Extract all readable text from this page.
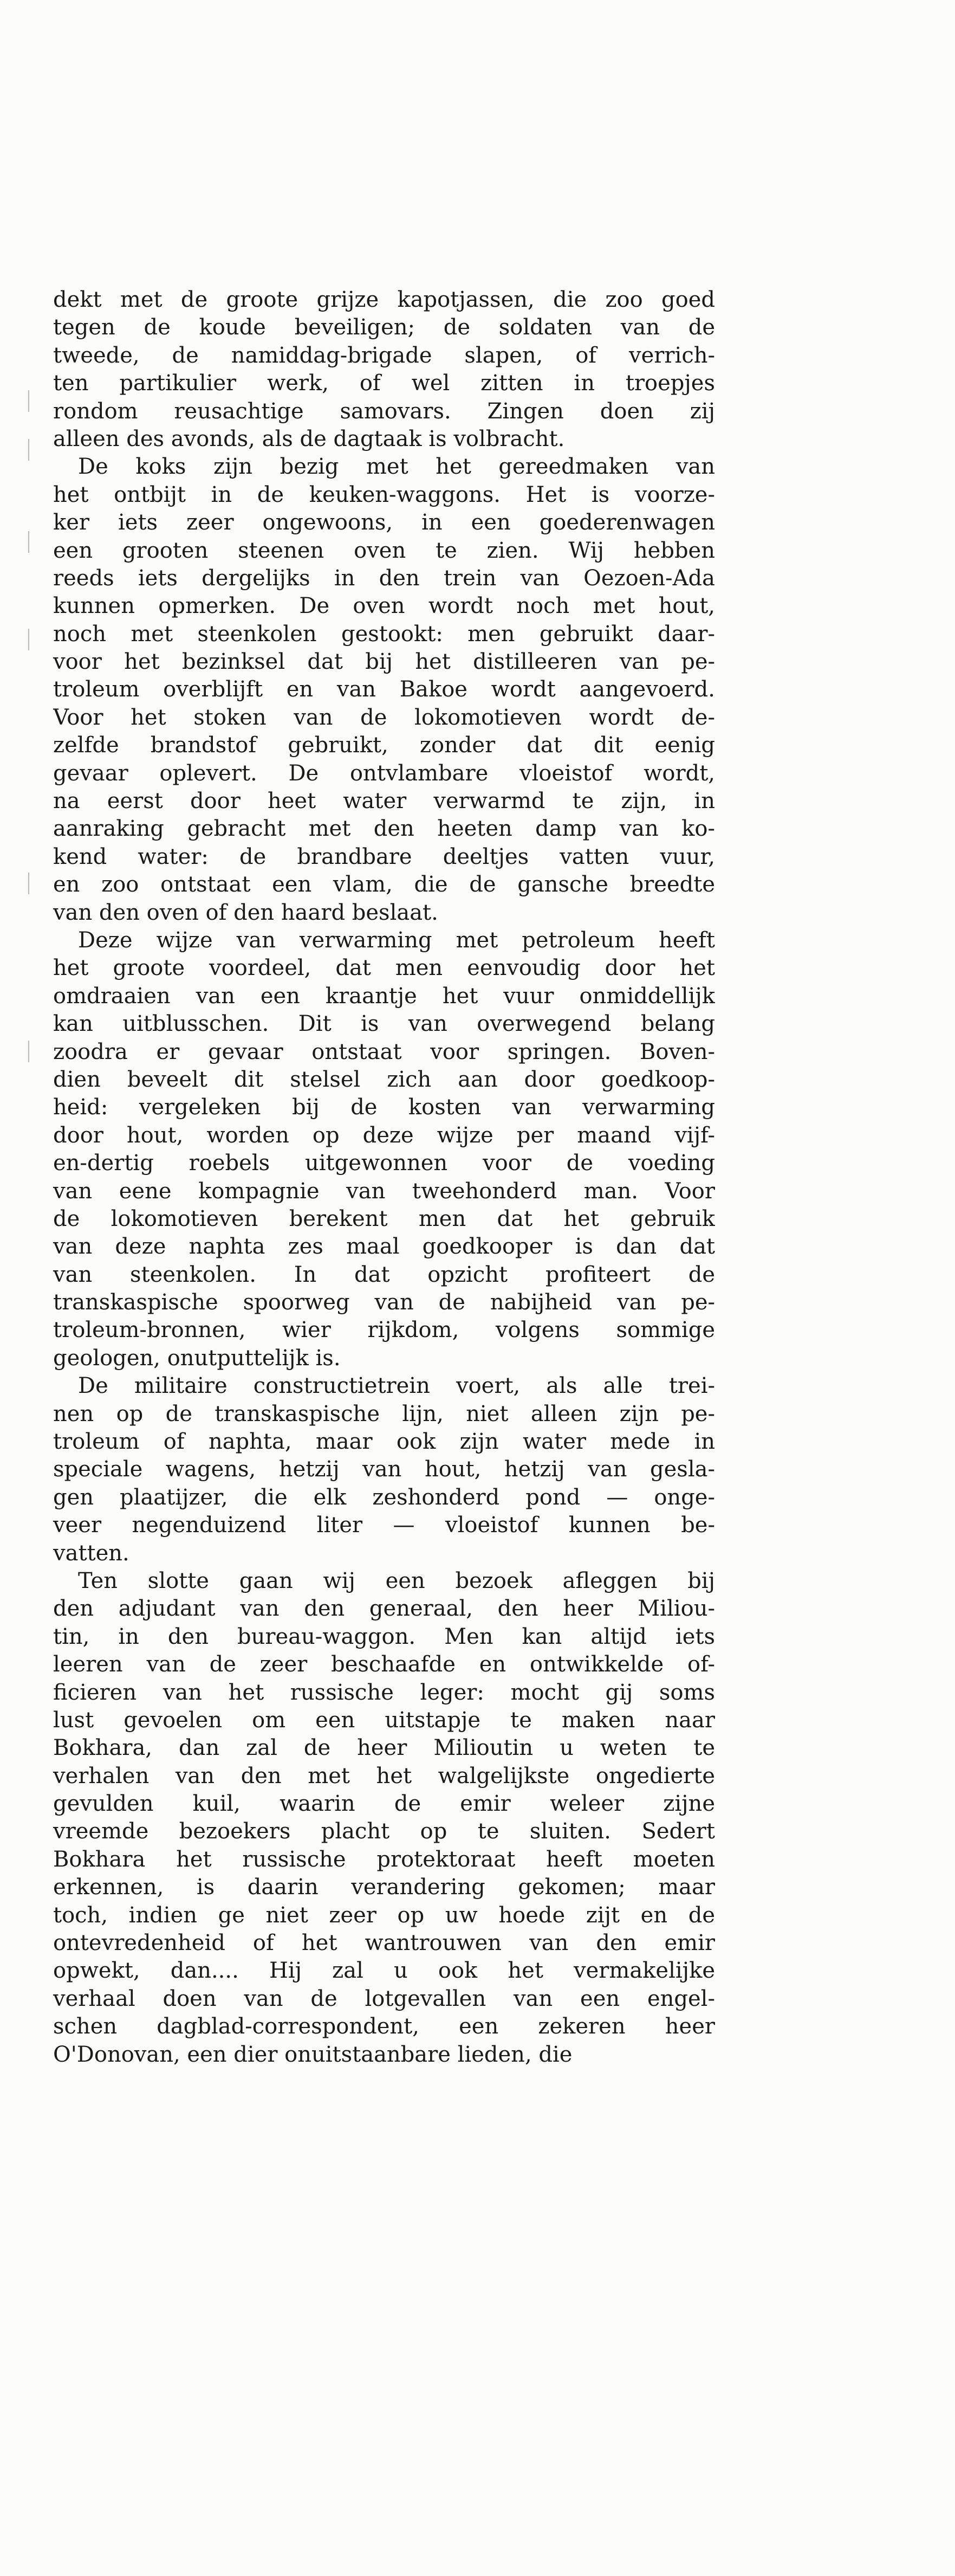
dekt met de groote grijze kapotjassen, die zoo goed
tegen de koude beveiligen; de soldaten van de
tweede, de namiddag-brigade slapen, of verrich-
ten partikulier werk, of wel zitten in troepjes
rondom reusachtige samovars. Zingen doen zij
alleen des avonds, als de dagtaak is volbracht.
De koks zijn bezig met het gereedmaken van
het ontbijt in de keuken-waggons. Het is voorze-
ker iets zeer ongewoons, in een goederenwagen
een grooten steenen oven te zien. Wij hebben
reeds iets dergelijks in den trein van Oezoen-Ada
kunnen opmerken. De oven wordt noch met hout,
noch met steenkolen gestookt: men gebruikt daar-
voor het bezinksel dat bij het distilleeren van pe-
troleum overblijft en van Bakoe wordt aangevoerd.
Voor het stoken van de lokomotieven wordt de-
zelfde brandstof gebruikt, zonder dat dit eenig
gevaar oplevert. De ontvlambare vloeistof wordt,
na eerst door heet water verwarmd te zijn, in
aanraking gebracht met den heeten damp van ko-
kend water: de brandbare deeltjes vatten vuur,
en zoo ontstaat een vlam, die de gansche breedte
van den oven of den haard beslaat.
Deze wijze van verwarming met petroleum heeft
het groote voordeel, dat men eenvoudig door het
omdraaien van een kraantje het vuur onmiddellijk
kan uitblusschen. Dit is van overwegend belang
zoodra er gevaar ontstaat voor springen. Boven-
dien beveelt dit stelsel zich aan door goedkoop-
heid: vergeleken bij de kosten van verwarming
door hout, worden op deze wijze per maand vijf-
en-dertig roebels uitgewonnen voor de voeding
van eene kompagnie van tweehonderd man. Voor
de lokomotieven berekent men dat het gebruik
van deze naphta zes maal goedkooper is dan dat
van steenkolen. In dat opzicht profiteert de
transkaspische spoorweg van de nabijheid van pe-
troleum-bronnen, wier rijkdom, volgens sommige
geologen, onutputtelijk is.
De militaire constructietrein voert, als alle trei-
nen op de transkaspische lijn, niet alleen zijn pe-
troleum of naphta, maar ook zijn water mede in
speciale wagens, hetzij van hout, hetzij van gesla-
gen plaatijzer, die elk zeshonderd pond — onge-
veer negenduizend liter — vloeistof kunnen be-
vatten.
Ten slotte gaan wij een bezoek afleggen bij
den adjudant van den generaal, den heer Miliou-
tin, in den bureau-waggon. Men kan altijd iets
leeren van de zeer beschaafde en ontwikkelde of-
ficieren van het russische leger: mocht gij soms
lust gevoelen om een uitstapje te maken naar
Bokhara, dan zal de heer Milioutin u weten te
verhalen van den met het walgelijkste ongedierte
gevulden kuil, waarin de emir weleer zijne
vreemde bezoekers placht op te sluiten. Sedert
Bokhara het russische protektoraat heeft moeten
erkennen, is daarin verandering gekomen; maar
toch, indien ge niet zeer op uw hoede zijt en de
ontevredenheid of het wantrouwen van den emir
opwekt, dan.... Hij zal u ook het vermakelijke
verhaal doen van de lotgevallen van een engel-
schen dagblad-correspondent, een zekeren heer
O'Donovan, een dier onuitstaanbare lieden, die
